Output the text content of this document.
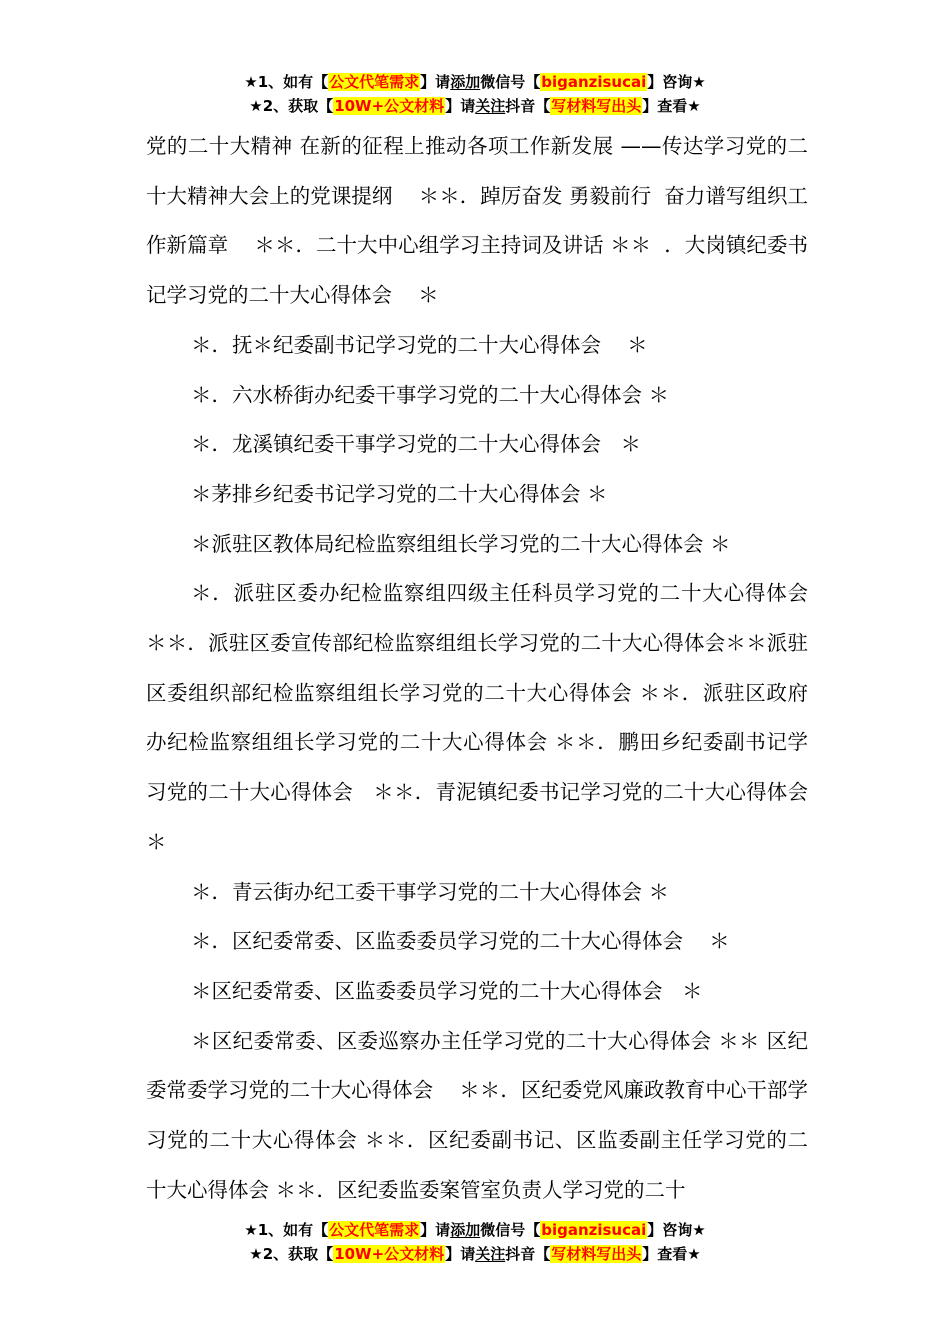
★1、如有【公文代笔需求】请添加微信号【biganzisucai】咨询★
★2、获取【10W+公文材料】请关注抖音【写材料写出头】查看★

党的二十大精神 在新的征程上推动各项工作新发展 ——传达学习党的二十大精神大会上的党课提纲    ＊＊．踔厉奋发 勇毅前行  奋力谱写组织工作新篇章    ＊＊．二十大中心组学习主持词及讲话 ＊＊  ．大岗镇纪委书记学习党的二十大心得体会    ＊

＊．抚＊纪委副书记学习党的二十大心得体会    ＊

＊．六水桥街办纪委干事学习党的二十大心得体会 ＊

＊．龙溪镇纪委干事学习党的二十大心得体会   ＊

＊茅排乡纪委书记学习党的二十大心得体会 ＊

＊派驻区教体局纪检监察组组长学习党的二十大心得体会 ＊

＊．派驻区委办纪检监察组四级主任科员学习党的二十大心得体会 ＊＊．派驻区委宣传部纪检监察组组长学习党的二十大心得体会＊＊派驻区委组织部纪检监察组组长学习党的二十大心得体会 ＊＊．派驻区政府办纪检监察组组长学习党的二十大心得体会 ＊＊．鹏田乡纪委副书记学习党的二十大心得体会   ＊＊．青泥镇纪委书记学习党的二十大心得体会    ＊

＊．青云街办纪工委干事学习党的二十大心得体会 ＊

＊．区纪委常委、区监委委员学习党的二十大心得体会    ＊

＊区纪委常委、区监委委员学习党的二十大心得体会   ＊

＊区纪委常委、区委巡察办主任学习党的二十大心得体会 ＊＊ 区纪委常委学习党的二十大心得体会    ＊＊．区纪委党风廉政教育中心干部学习党的二十大心得体会 ＊＊．区纪委副书记、区监委副主任学习党的二十大心得体会 ＊＊．区纪委监委案管室负责人学习党的二十

★1、如有【公文代笔需求】请添加微信号【biganzisucai】咨询★
★2、获取【10W+公文材料】请关注抖音【写材料写出头】查看★
